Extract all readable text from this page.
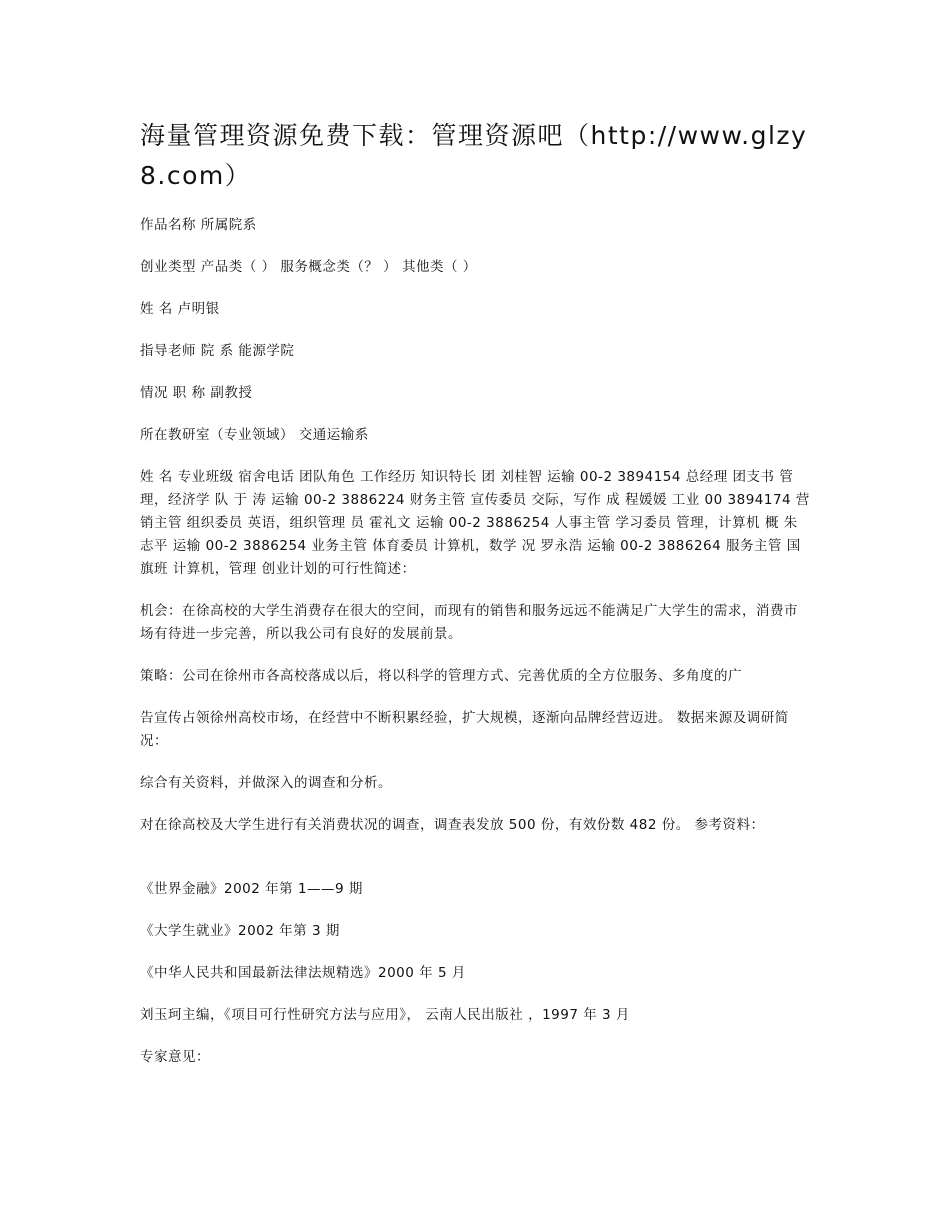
海量管理资源免费下载：管理资源吧（http://www.glzy8.com）

作品名称 所属院系

创业类型 产品类（ ） 服务概念类（？ ） 其他类（ ）

姓 名 卢明银

指导老师 院 系 能源学院

情况 职 称 副教授

所在教研室（专业领域） 交通运输系

姓 名 专业班级 宿舍电话 团队角色 工作经历 知识特长 团 刘桂智 运输 00-2 3894154 总经理 团支书 管理，经济学 队 于 涛 运输 00-2 3886224 财务主管 宣传委员 交际，写作 成 程媛媛 工业 00 3894174 营销主管 组织委员 英语，组织管理 员 霍礼文 运输 00-2 3886254 人事主管 学习委员 管理，计算机 概 朱志平 运输 00-2 3886254 业务主管 体育委员 计算机，数学 况 罗永浩 运输 00-2 3886264 服务主管 国旗班 计算机，管理 创业计划的可行性简述：

机会：在徐高校的大学生消费存在很大的空间，而现有的销售和服务远远不能满足广大学生的需求，消费市场有待进一步完善，所以我公司有良好的发展前景。

策略：公司在徐州市各高校落成以后，将以科学的管理方式、完善优质的全方位服务、多角度的广

告宣传占领徐州高校市场，在经营中不断积累经验，扩大规模，逐渐向品牌经营迈进。 数据来源及调研简况：

综合有关资料，并做深入的调查和分析。

对在徐高校及大学生进行有关消费状况的调查，调查表发放 500 份，有效份数 482 份。 参考资料：

《世界金融》2002 年第 1——9 期

《大学生就业》2002 年第 3 期

《中华人民共和国最新法律法规精选》2000 年 5 月

刘玉珂主编，《项目可行性研究方法与应用》， 云南人民出版社 ，1997 年 3 月

专家意见：
